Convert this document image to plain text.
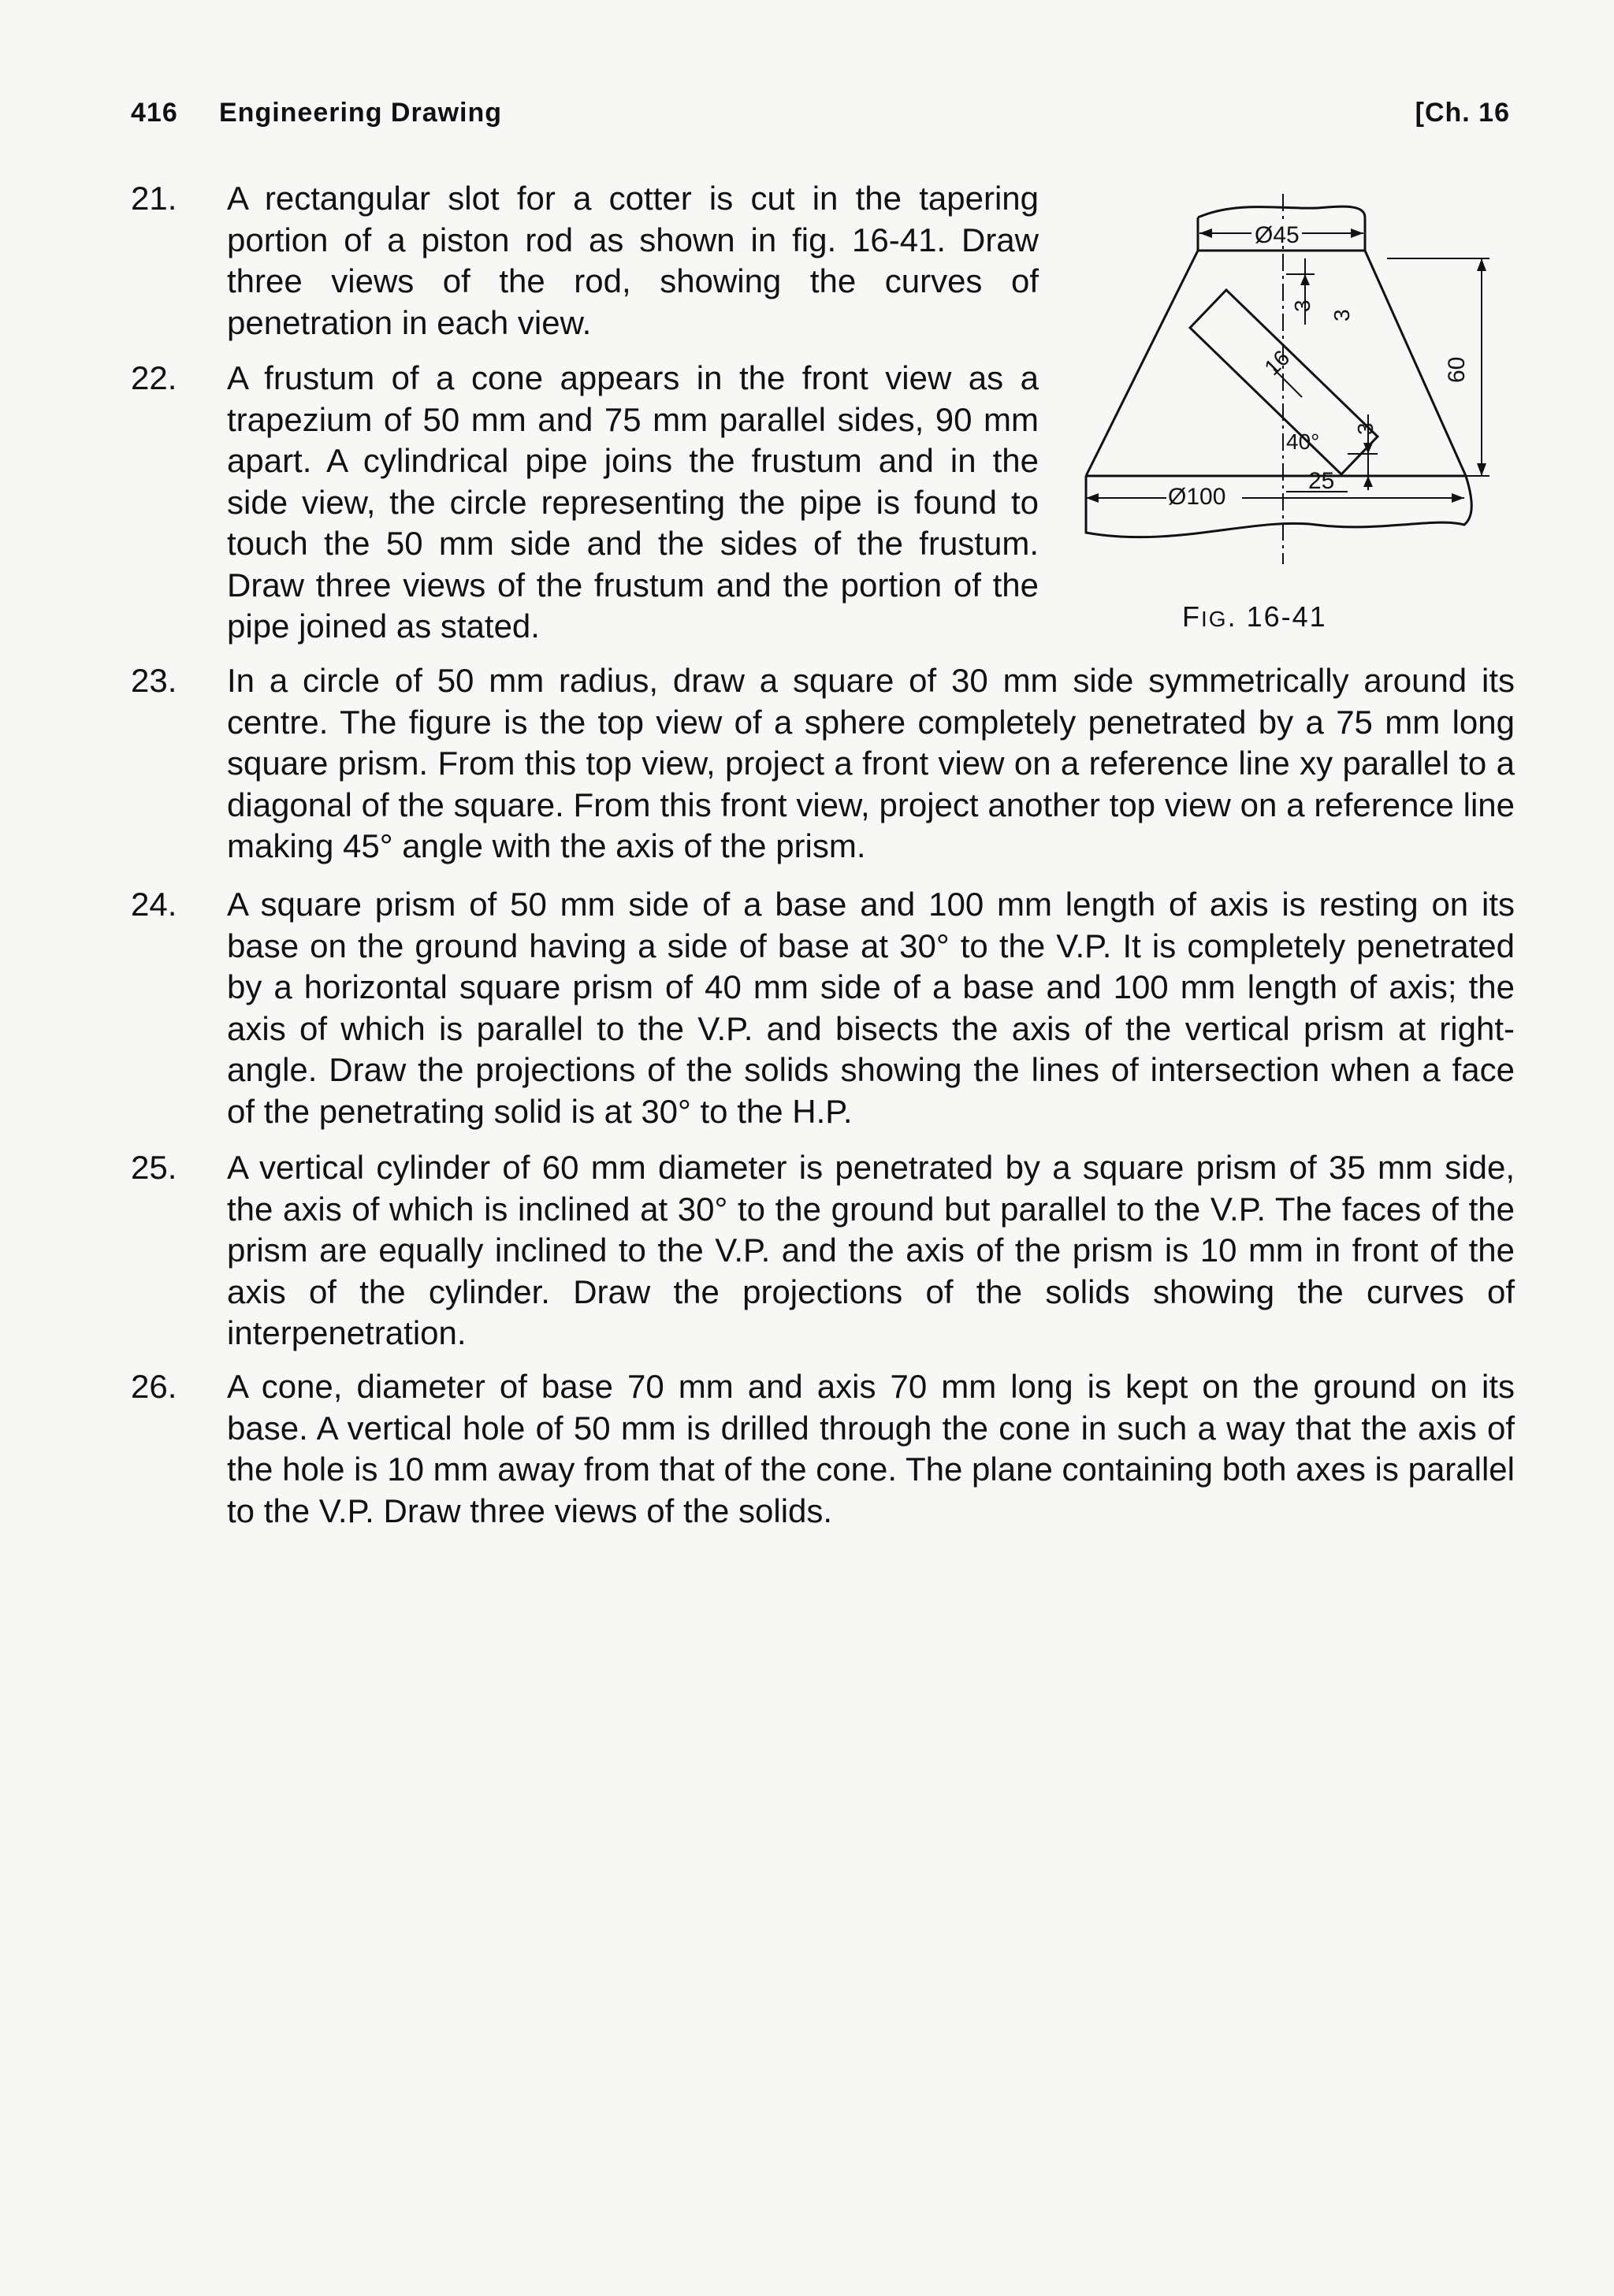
416 Engineering Drawing	[Ch. 16
21.	A rectangular slot for a cotter is cut in the tapering portion of a piston rod as shown in fig. 16-41. Draw three views of the rod, showing the curves of penetration in each view.
22.	A frustum of a cone appears in the front view as a trapezium of 50 mm and 75 mm parallel sides, 90 mm apart. A cylindrical pipe joins the frustum and in the side view, the circle representing the pipe is found to touch the 50 mm side and the sides of the frustum. Draw three views of the frustum and the portion of the pipe joined as stated.
Ø45
60
3
3
16
40°
3
Ø100
25
FIG. 16-41
23.	In a circle of 50 mm radius, draw a square of 30 mm side symmetrically around its centre. The figure is the top view of a sphere completely penetrated by a 75 mm long square prism. From this top view, project a front view on a reference line xy parallel to a diagonal of the square. From this front view, project another top view on a reference line making 45° angle with the axis of the prism.
24.	A square prism of 50 mm side of a base and 100 mm length of axis is resting on its base on the ground having a side of base at 30° to the V.P. It is completely penetrated by a horizontal square prism of 40 mm side of a base and 100 mm length of axis; the axis of which is parallel to the V.P. and bisects the axis of the vertical prism at right-angle. Draw the projections of the solids showing the lines of intersection when a face of the penetrating solid is at 30° to the H.P.
25.	A vertical cylinder of 60 mm diameter is penetrated by a square prism of 35 mm side, the axis of which is inclined at 30° to the ground but parallel to the V.P. The faces of the prism are equally inclined to the V.P. and the axis of the prism is 10 mm in front of the axis of the cylinder. Draw the projections of the solids showing the curves of interpenetration.
26.	A cone, diameter of base 70 mm and axis 70 mm long is kept on the ground on its base. A vertical hole of 50 mm is drilled through the cone in such a way that the axis of the hole is 10 mm away from that of the cone. The plane containing both axes is parallel to the V.P. Draw three views of the solids.
